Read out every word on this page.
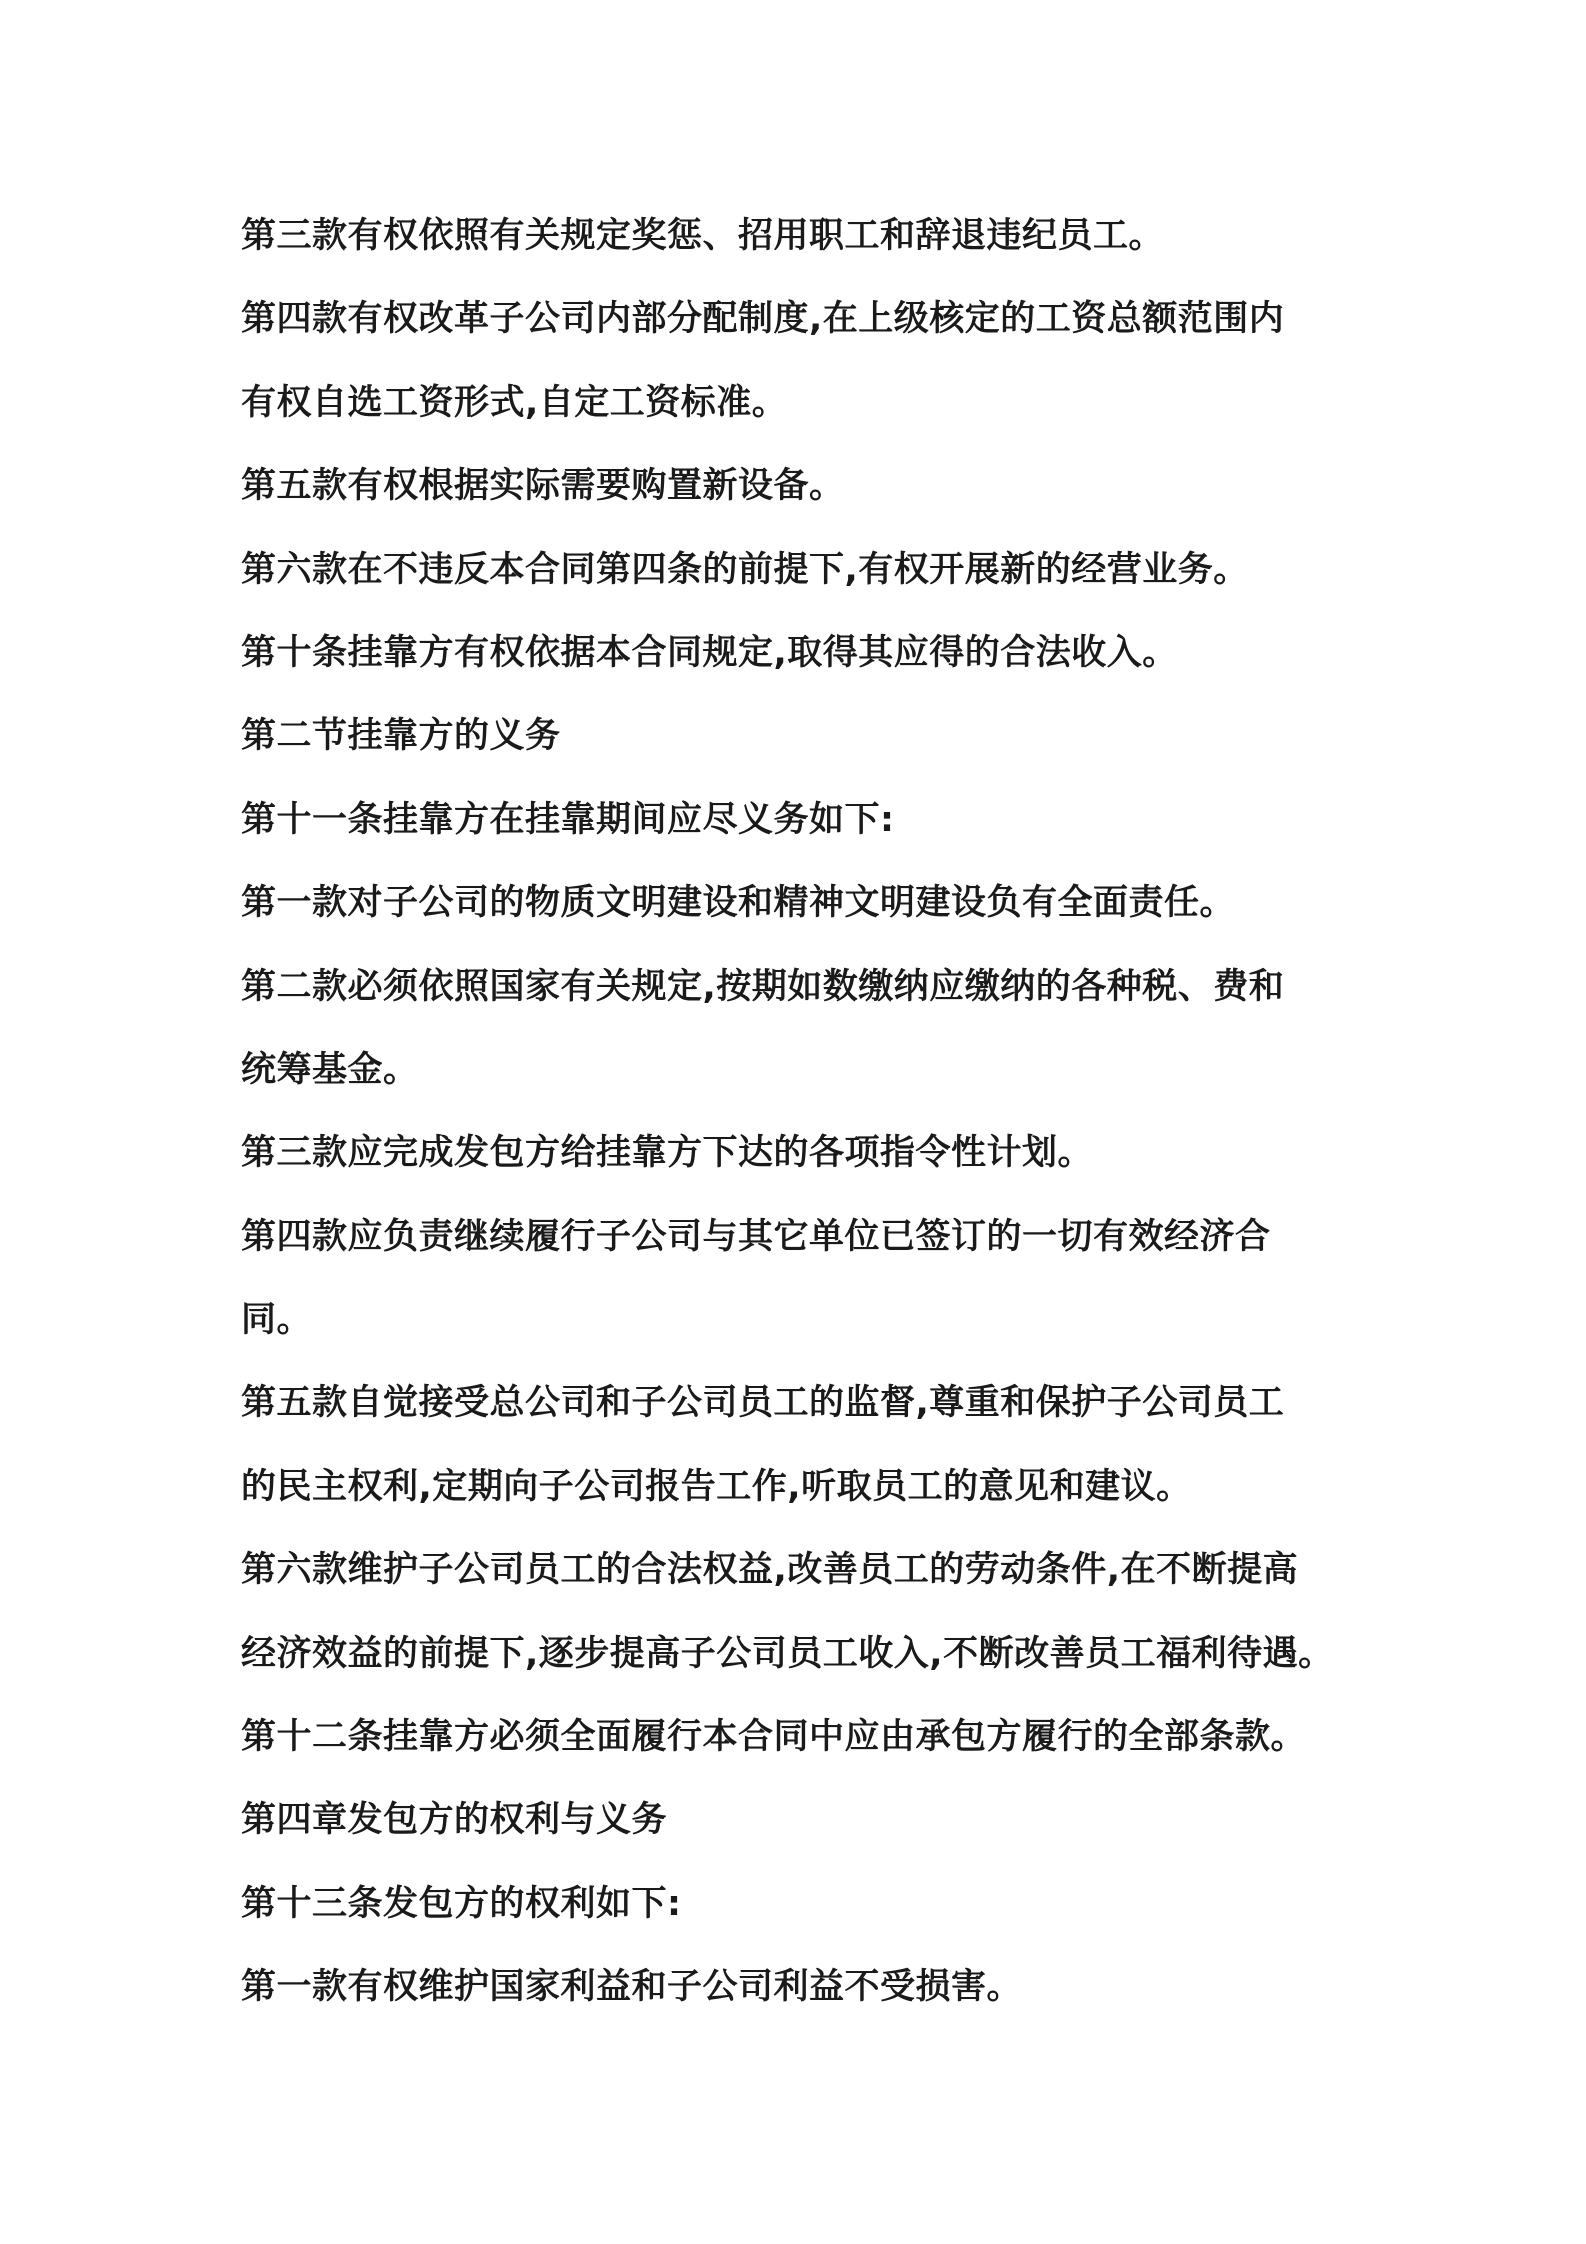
第三款有权依照有关规定奖惩、招用职工和辞退违纪员工。
第四款有权改革子公司内部分配制度,在上级核定的工资总额范围内
有权自选工资形式,自定工资标准。
第五款有权根据实际需要购置新设备。
第六款在不违反本合同第四条的前提下,有权开展新的经营业务。
第十条挂靠方有权依据本合同规定,取得其应得的合法收入。
第二节挂靠方的义务
第十一条挂靠方在挂靠期间应尽义务如下:
第一款对子公司的物质文明建设和精神文明建设负有全面责任。
第二款必须依照国家有关规定,按期如数缴纳应缴纳的各种税、费和
统筹基金。
第三款应完成发包方给挂靠方下达的各项指令性计划。
第四款应负责继续履行子公司与其它单位已签订的一切有效经济合
同。
第五款自觉接受总公司和子公司员工的监督,尊重和保护子公司员工
的民主权利,定期向子公司报告工作,听取员工的意见和建议。
第六款维护子公司员工的合法权益,改善员工的劳动条件,在不断提高
经济效益的前提下,逐步提高子公司员工收入,不断改善员工福利待遇。
第十二条挂靠方必须全面履行本合同中应由承包方履行的全部条款。
第四章发包方的权利与义务
第十三条发包方的权利如下:
第一款有权维护国家利益和子公司利益不受损害。
